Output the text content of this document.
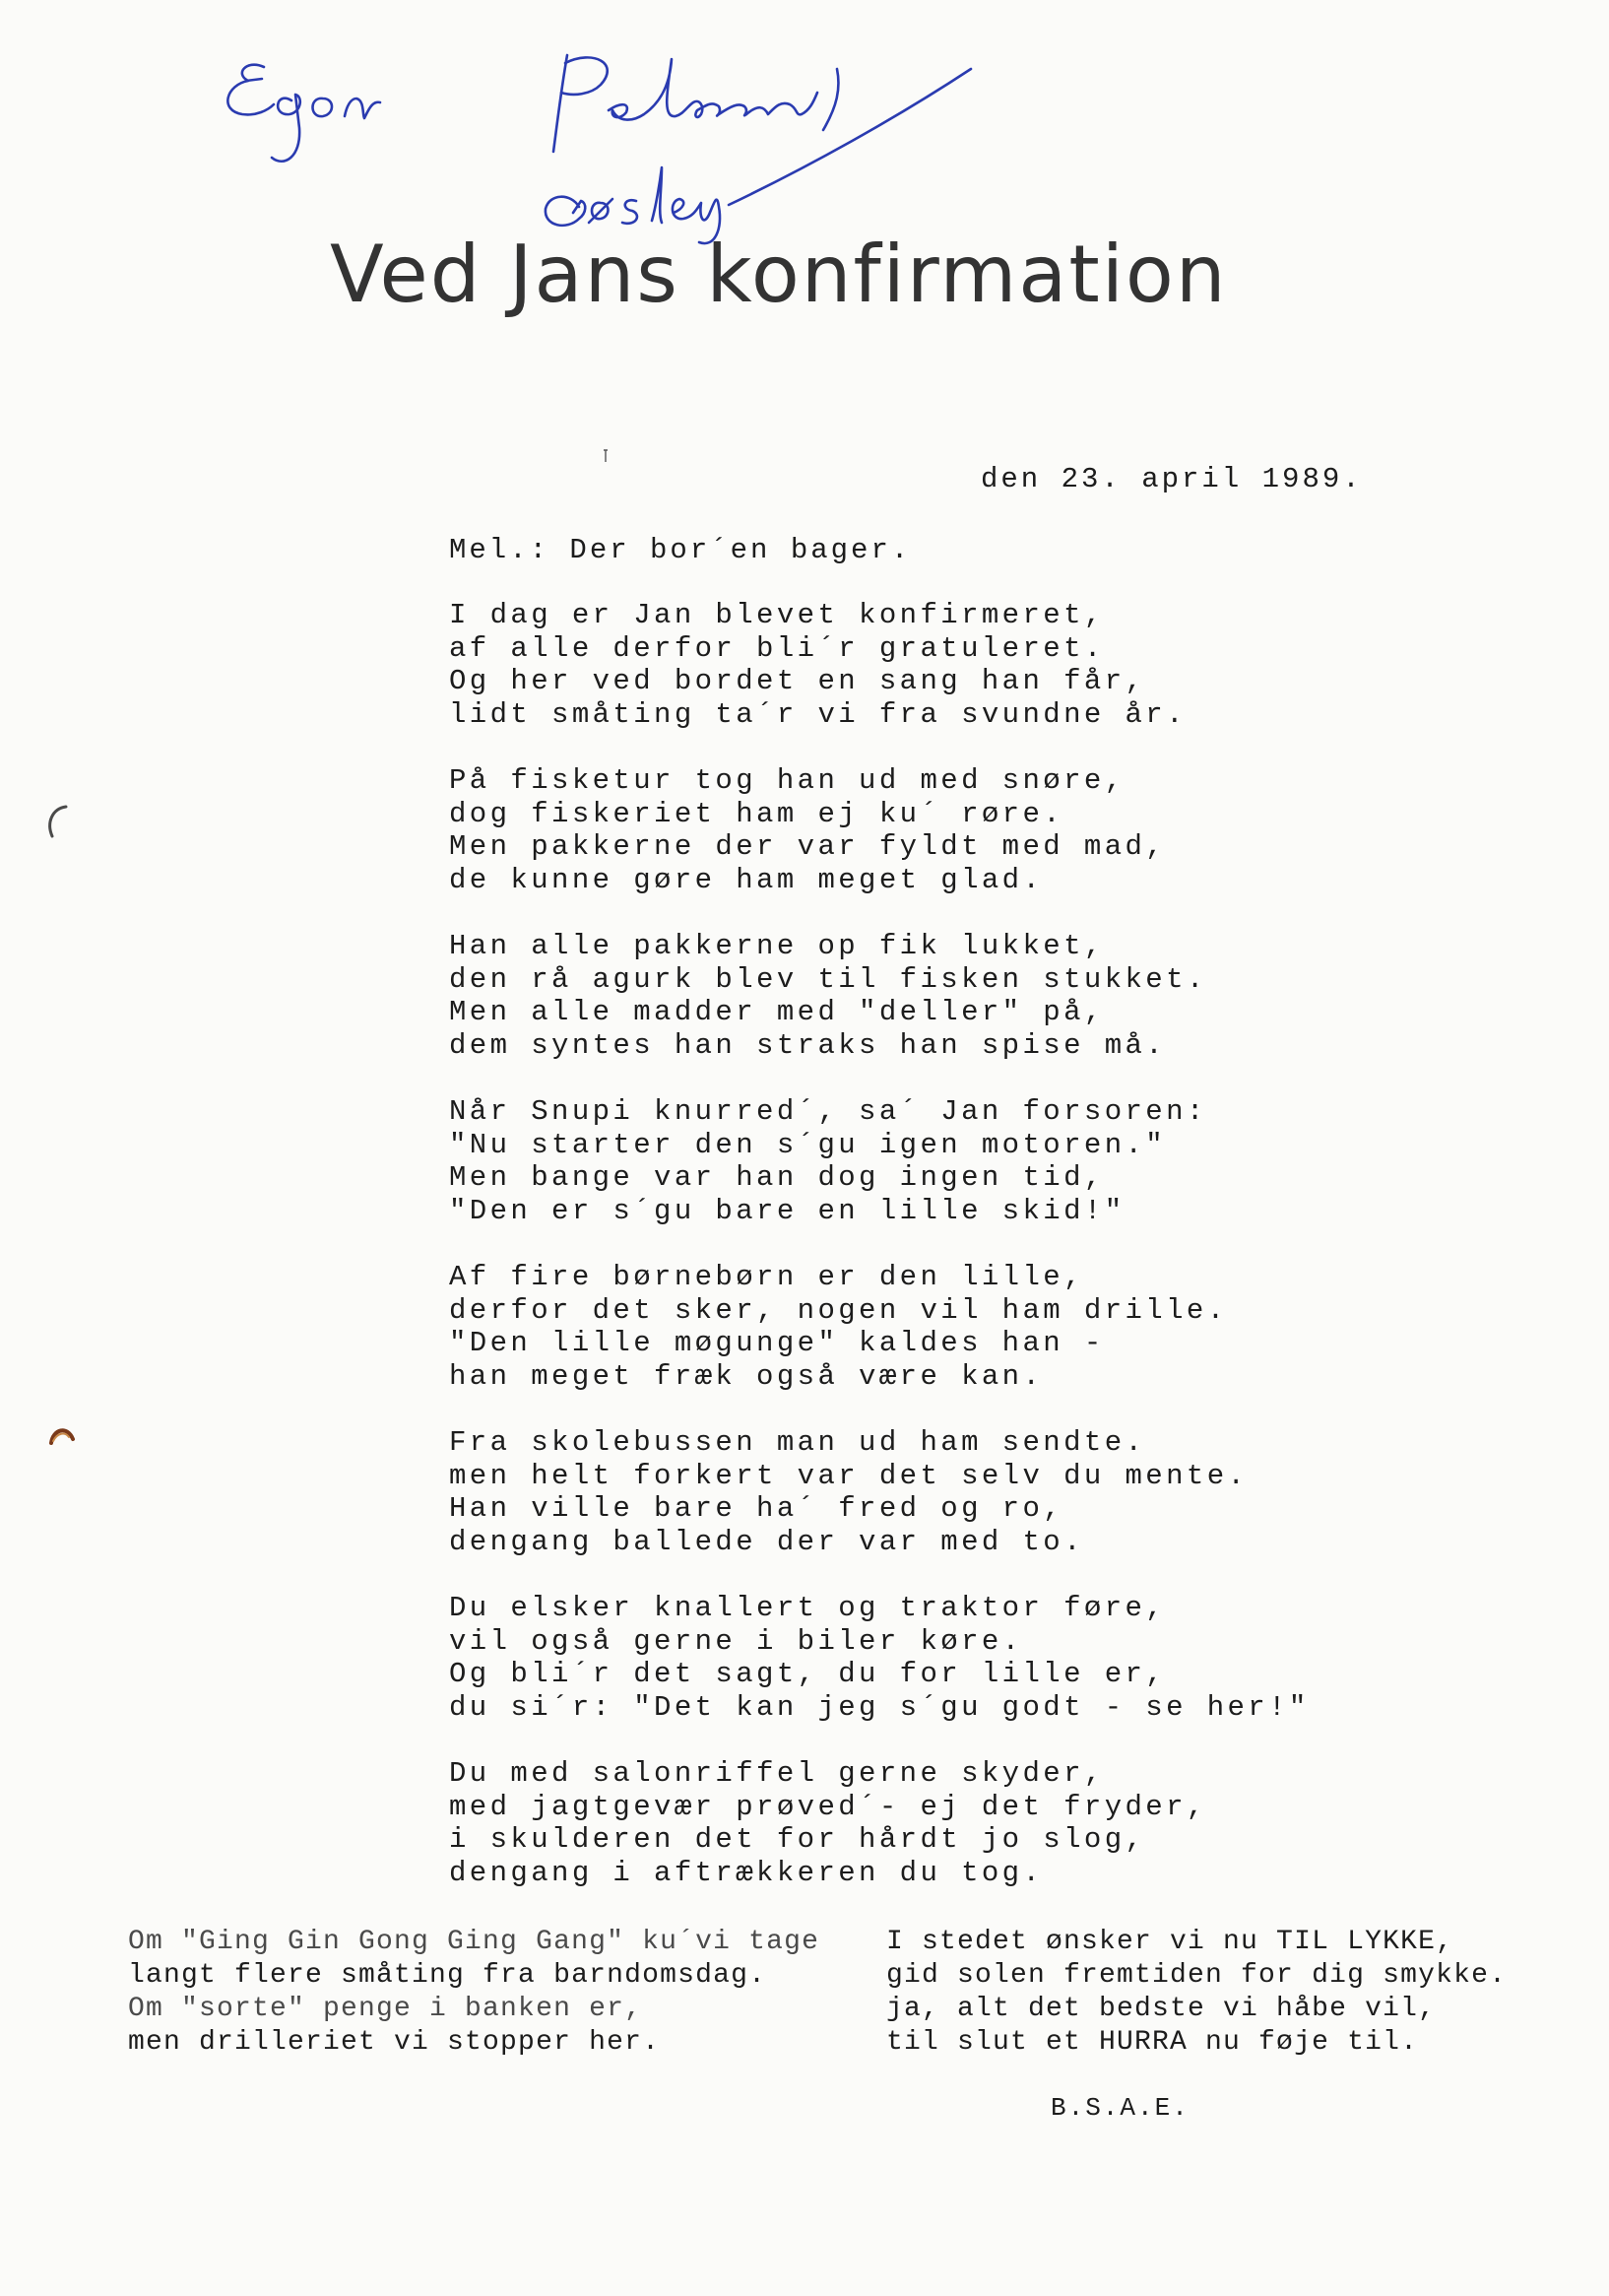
Ved Jans konfirmation
den 23. april 1989.
Mel.: Der bor´en bager.
I dag er Jan blevet konfirmeret,
af alle derfor bli´r gratuleret.
Og her ved bordet en sang han får,
lidt småting ta´r vi fra svundne år.
På fisketur tog han ud med snøre,
dog fiskeriet ham ej ku´ røre.
Men pakkerne der var fyldt med mad,
de kunne gøre ham meget glad.
Han alle pakkerne op fik lukket,
den rå agurk blev til fisken stukket.
Men alle madder med "deller" på,
dem syntes han straks han spise må.
Når Snupi knurred´, sa´ Jan forsoren:
"Nu starter den s´gu igen motoren."
Men bange var han dog ingen tid,
"Den er s´gu bare en lille skid!"
Af fire børnebørn er den lille,
derfor det sker, nogen vil ham drille.
"Den lille møgunge" kaldes han -
han meget fræk også være kan.
Fra skolebussen man ud ham sendte.
men helt forkert var det selv du mente.
Han ville bare ha´ fred og ro,
dengang ballede der var med to.
Du elsker knallert og traktor føre,
vil også gerne i biler køre.
Og bli´r det sagt, du for lille er,
du si´r: "Det kan jeg s´gu godt - se her!"
Du med salonriffel gerne skyder,
med jagtgevær prøved´- ej det fryder,
i skulderen det for hårdt jo slog,
dengang i aftrækkeren du tog.
Om "Ging Gin Gong Ging Gang" ku´vi tage
langt flere småting fra barndomsdag.
Om "sorte" penge i banken er,
men drilleriet vi stopper her.
I stedet ønsker vi nu TIL LYKKE,
gid solen fremtiden for dig smykke.
ja, alt det bedste vi håbe vil,
til slut et HURRA nu føje til.
B.S.A.E.
